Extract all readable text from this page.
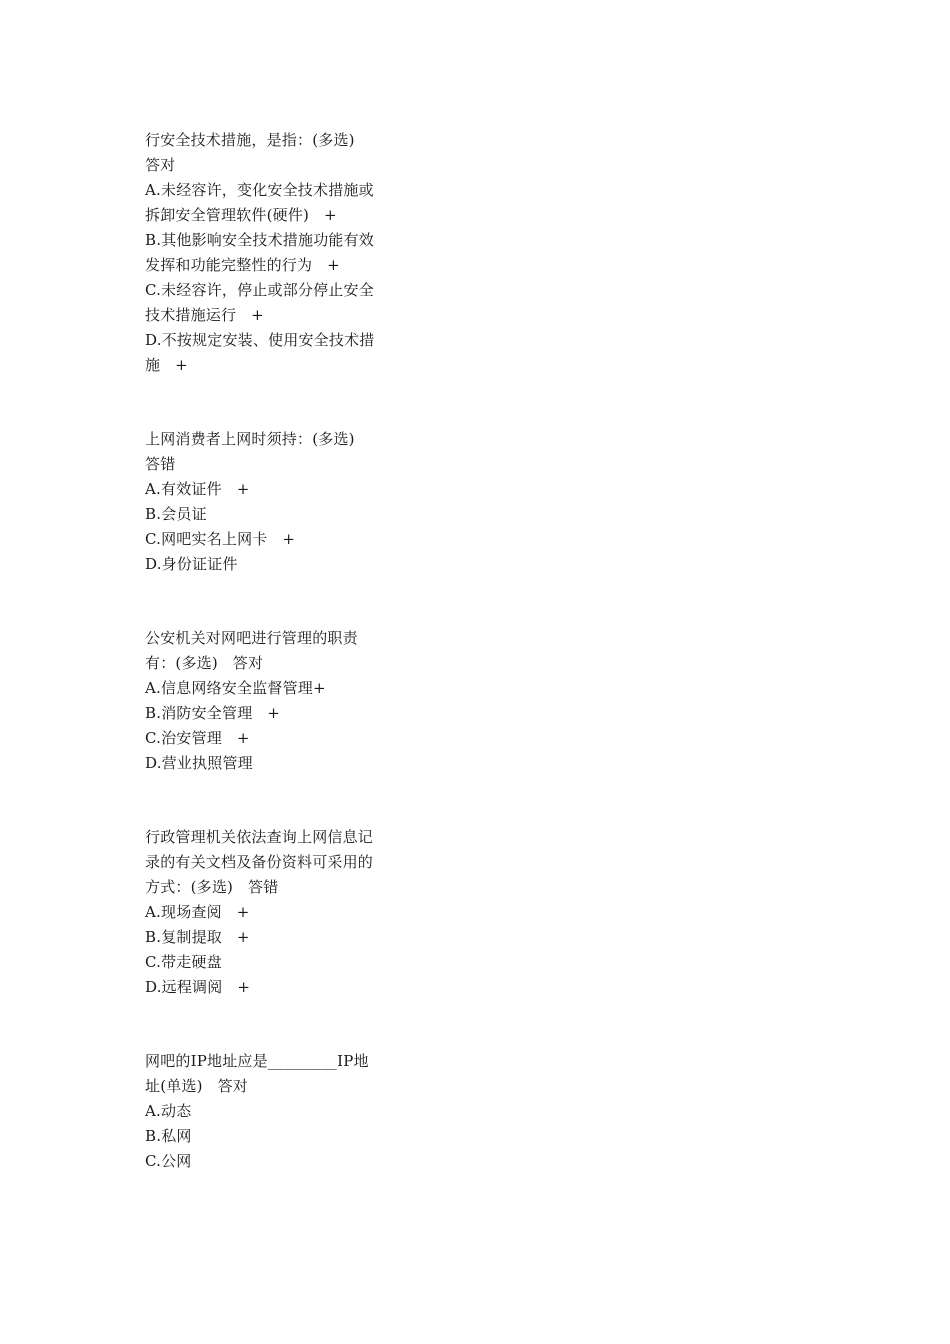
行安全技术措施，是指：(多选)
答对
A.未经容许，变化安全技术措施或
拆卸安全管理软件(硬件)   +
B.其他影响安全技术措施功能有效
发挥和功能完整性的行为   +
C.未经容许，停止或部分停止安全
技术措施运行   +
D.不按规定安装、使用安全技术措
施   +
上网消费者上网时须持：(多选)
答错
A.有效证件   +
B.会员证
C.网吧实名上网卡   +
D.身份证证件
公安机关对网吧进行管理的职责
有：(多选)   答对
A.信息网络安全监督管理+
B.消防安全管理   +
C.治安管理   +
D.营业执照管理
行政管理机关依法查询上网信息记
录的有关文档及备份资料可采用的
方式：(多选)   答错
A.现场查阅   +
B.复制提取   +
C.带走硬盘
D.远程调阅   +
网吧的IP地址应是_________IP地
址(单选)   答对
A.动态
B.私网
C.公网
